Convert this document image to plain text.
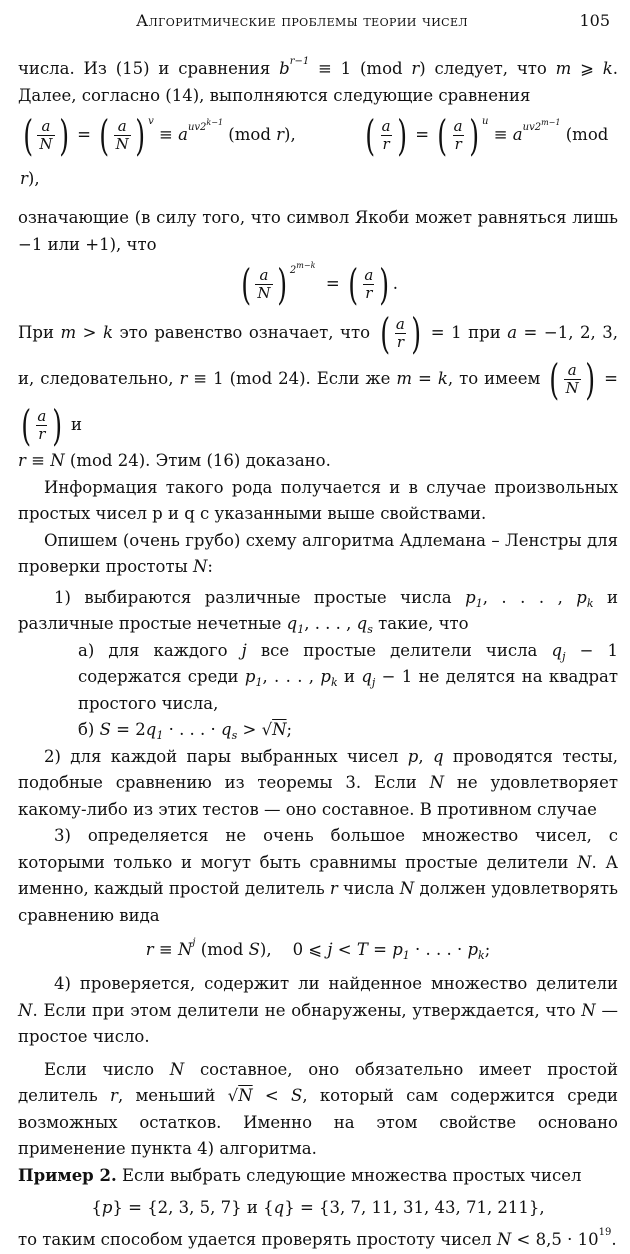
Алгоритмические проблемы теории чисел	105

числа. Из (15) и сравнения $b^{r-1} \equiv 1$ (mod r) следует, что m ⩾ k. Далее, согласно (14), выполняются следующие сравнения

( $\frac{a}{N}$ ) = ( $\frac{a}{N}$ ) $^v \equiv a^{uv2^{k-1}}$ (mod r),  ( $\frac{a}{r}$ ) = ( $\frac{a}{r}$ ) $^u \equiv a^{uv2^{m-1}}$ (mod r),

означающие (в силу того, что символ Якоби может равняться лишь −1 или +1), что

( $\frac{a}{N}$ ) $^{2^{m-k}}$  = ( $\frac{a}{r}$ ) .

При m > k это равенство означает, что ( $\frac{a}{r}$ ) = 1 при a = −1, 2, 3, и, следовательно, r ≡ 1 (mod 24). Если же m = k, то имеем ( $\frac{a}{N}$ ) = ( $\frac{a}{r}$ ) и

r ≡ N (mod 24). Этим (16) доказано.

Информация такого рода получается и в случае произвольных простых чисел p и q с указанными выше свойствами.

Опишем (очень грубо) схему алгоритма Адлемана – Ленстры для проверки простоты N:

1) выбираются различные простые числа $p_1$, . . . , $p_k$ и различные простые нечетные $q_1$, . . . , $q_s$ такие, что

а) для каждого j все простые делители числа $q_j - 1$ содержатся среди $p_1$, . . . , $p_k$ и $q_j - 1$ не делятся на квадрат простого числа,

б) $S = 2q_1$ · . . . · $q_s > √N$;

2) для каждой пары выбранных чисел p, q проводятся тесты, подобные сравнению из теоремы 3. Если N не удовлетворяет какому-либо из этих тестов — оно составное. В противном случае

3) определяется не очень большое множество чисел, с которыми только и могут быть сравнимы простые делители N. А именно, каждый простой делитель r числа N должен удовлетворять сравнению вида

$r \equiv N^j$ (mod S),    0 ⩽ $j < T = p_1$ · . . . · $p_k$;

4) проверяется, содержит ли найденное множество делители N. Если при этом делители не обнаружены, утверждается, что N — простое число.

Если число N составное, оно обязательно имеет простой делитель r, меньший √N < S, который сам содержится среди возможных остатков. Именно на этом свойстве основано применение пункта 4) алгоритма.

Пример 2. Если выбрать следующие множества простых чисел

{p} = {2, 3, 5, 7} и {q} = {3, 7, 11, 31, 43, 71, 211},

то таким способом удается проверять простоту чисел $N < 8,5 \cdot 10^{19}$.
